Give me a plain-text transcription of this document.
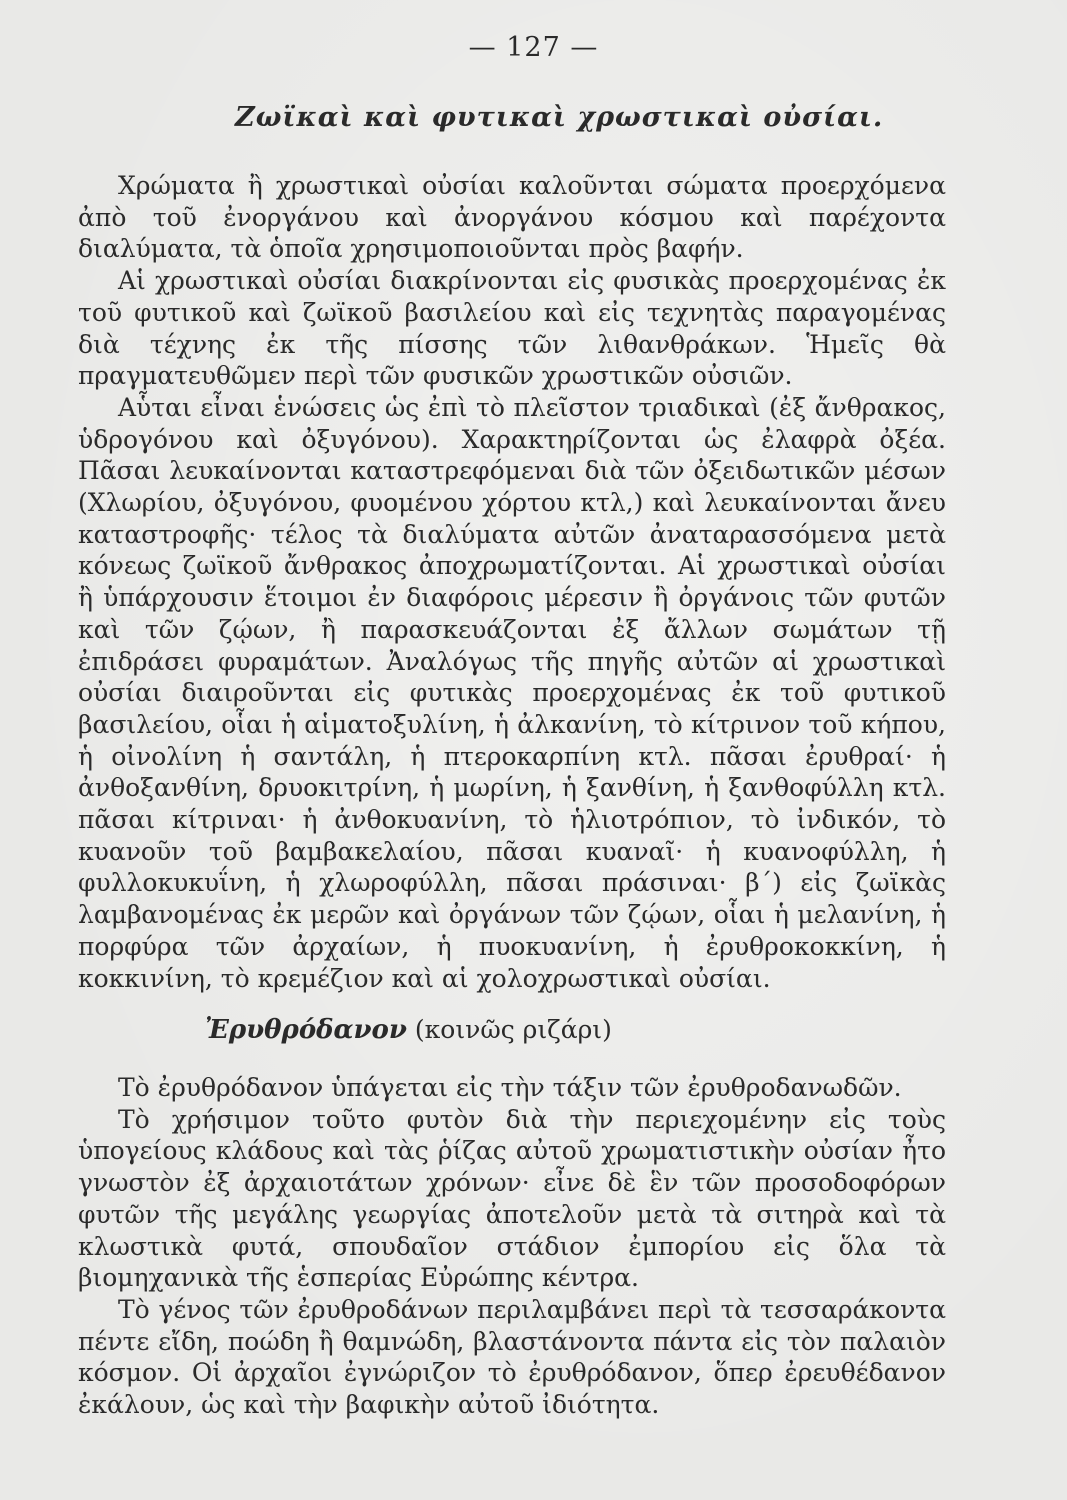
— 127 —
Ζωϊκαὶ καὶ φυτικαὶ χρωστικαὶ οὐσίαι.

Χρώματα ἢ χρωστικαὶ οὐσίαι καλοῦνται σώματα προερχόμενα ἀπὸ τοῦ ἐνοργάνου καὶ ἀνοργάνου κόσμου καὶ παρέχοντα διαλύματα, τὰ ὁποῖα χρησιμοποιοῦνται πρὸς βαφήν.

Αἱ χρωστικαὶ οὐσίαι διακρίνονται εἰς φυσικὰς προερχομένας ἐκ τοῦ φυτικοῦ καὶ ζωϊκοῦ βασιλείου καὶ εἰς τεχνητὰς παραγομένας διὰ τέχνης ἐκ τῆς πίσσης τῶν λιθανθράκων. Ἡμεῖς θὰ πραγματευθῶμεν περὶ τῶν φυσικῶν χρωστικῶν οὐσιῶν.

Αὗται εἶναι ἑνώσεις ὡς ἐπὶ τὸ πλεῖστον τριαδικαὶ (ἐξ ἄνθρακος, ὑδρογόνου καὶ ὀξυγόνου). Χαρακτηρίζονται ὡς ἐλαφρὰ ὀξέα. Πᾶσαι λευκαίνονται καταστρεφόμεναι διὰ τῶν ὀξειδωτικῶν μέσων (Χλωρίου, ὀξυγόνου, φυομένου χόρτου κτλ,) καὶ λευκαίνονται ἄνευ καταστροφῆς· τέλος τὰ διαλύματα αὐτῶν ἀναταρασσόμενα μετὰ κόνεως ζωϊκοῦ ἄνθρακος ἀποχρωματίζονται. Αἱ χρωστικαὶ οὐσίαι ἢ ὑπάρχουσιν ἕτοιμοι ἐν διαφόροις μέρεσιν ἢ ὀργάνοις τῶν φυτῶν καὶ τῶν ζῴων, ἢ παρασκευάζονται ἐξ ἄλλων σωμάτων τῇ ἐπιδράσει φυραμάτων. Ἀναλόγως τῆς πηγῆς αὐτῶν αἱ χρωστικαὶ οὐσίαι διαιροῦνται εἰς φυτικὰς προερχομένας ἐκ τοῦ φυτικοῦ βασιλείου, οἷαι ἡ αἱματοξυλίνη, ἡ ἀλκανίνη, τὸ κίτρινον τοῦ κήπου, ἡ οἰνολίνη ἡ σαντάλη, ἡ πτεροκαρπίνη κτλ. πᾶσαι ἐρυθραί· ἡ ἀνθοξανθίνη, δρυοκιτρίνη, ἡ μωρίνη, ἡ ξανθίνη, ἡ ξανθοφύλλη κτλ. πᾶσαι κίτριναι· ἡ ἀνθοκυανίνη, τὸ ἡλιοτρόπιον, τὸ ἰνδικόν, τὸ κυανοῦν τοῦ βαμβακελαίου, πᾶσαι κυαναῖ· ἡ κυανοφύλλη, ἡ φυλλοκυκυΐνη, ἡ χλωροφύλλη, πᾶσαι πράσιναι· β΄) εἰς ζωϊκὰς λαμβανομένας ἐκ μερῶν καὶ ὀργάνων τῶν ζῴων, οἷαι ἡ μελανίνη, ἡ πορφύρα τῶν ἀρχαίων, ἡ πυοκυανίνη, ἡ ἐρυθροκοκκίνη, ἡ κοκκινίνη, τὸ κρεμέζιον καὶ αἱ χολοχρωστικαὶ οὐσίαι.

Ἐρυθρόδανον (κοινῶς ριζάρι)

Τὸ ἐρυθρόδανον ὑπάγεται εἰς τὴν τάξιν τῶν ἐρυθροδανωδῶν.

Τὸ χρήσιμον τοῦτο φυτὸν διὰ τὴν περιεχομένην εἰς τοὺς ὑπογείους κλάδους καὶ τὰς ῥίζας αὐτοῦ χρωματιστικὴν οὐσίαν ἦτο γνωστὸν ἐξ ἀρχαιοτάτων χρόνων· εἶνε δὲ ἓν τῶν προσοδοφόρων φυτῶν τῆς μεγάλης γεωργίας ἀποτελοῦν μετὰ τὰ σιτηρὰ καὶ τὰ κλωστικὰ φυτά, σπουδαῖον στάδιον ἐμπορίου εἰς ὅλα τὰ βιομηχανικὰ τῆς ἑσπερίας Εὐρώπης κέντρα.

Τὸ γένος τῶν ἐρυθροδάνων περιλαμβάνει περὶ τὰ τεσσαράκοντα πέντε εἴδη, ποώδη ἢ θαμνώδη, βλαστάνοντα πάντα εἰς τὸν παλαιὸν κόσμον. Οἱ ἀρχαῖοι ἐγνώριζον τὸ ἐρυθρόδανον, ὅπερ ἐρευθέδανον ἐκάλουν, ὡς καὶ τὴν βαφικὴν αὐτοῦ ἰδιότητα.
